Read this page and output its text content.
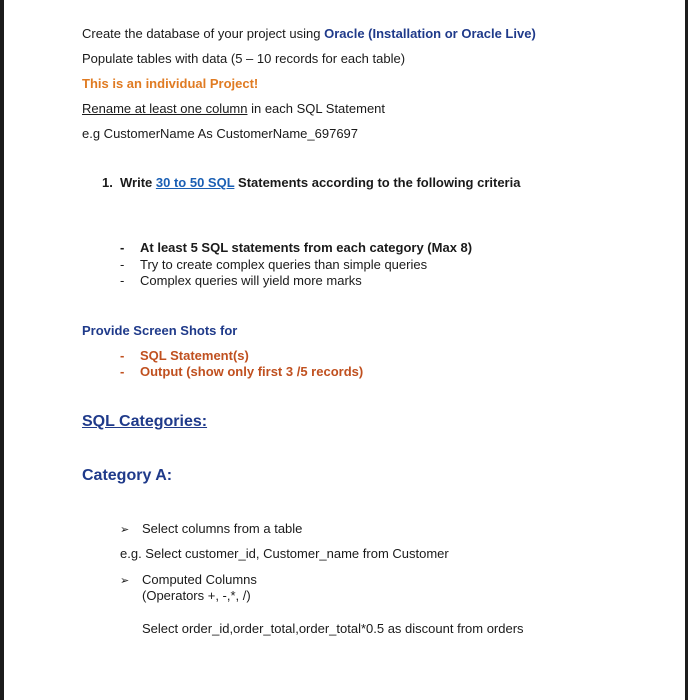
Create the database of your project using Oracle (Installation or Oracle Live)
Populate tables with data (5 – 10 records for each table)
This is an individual Project!
Rename at least one column in each SQL Statement
e.g CustomerName As CustomerName_697697
1. Write 30 to 50 SQL Statements according to the following criteria
- At least 5 SQL statements from each category (Max 8)
- Try to create complex queries than simple queries
- Complex queries will yield more marks
Provide Screen Shots for
- SQL Statement(s)
- Output (show only first 3 /5 records)
SQL Categories:
Category A:
➢ Select columns from a table
e.g. Select customer_id, Customer_name from Customer
➢ Computed Columns
(Operators +, -,*, /)
Select order_id,order_total,order_total*0.5 as discount from orders
